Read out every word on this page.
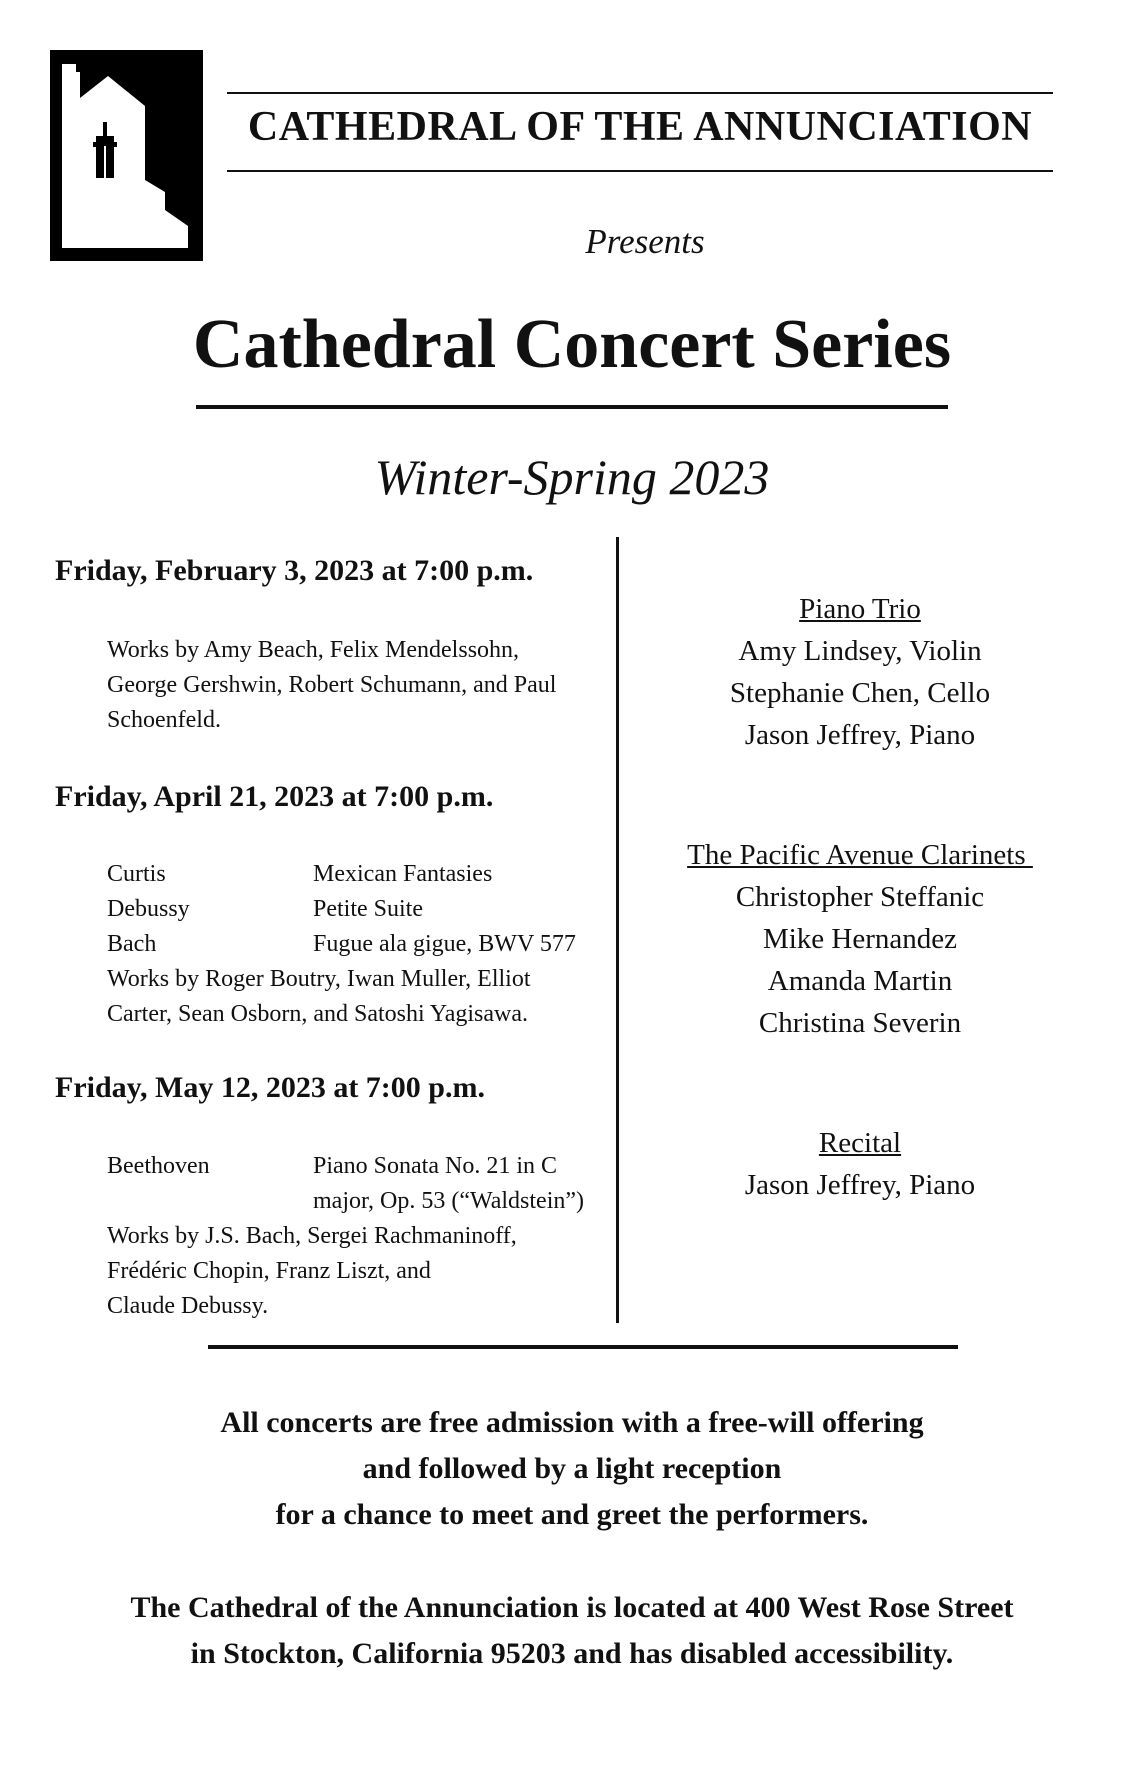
CATHEDRAL OF THE ANNUNCIATION
Presents
Cathedral Concert Series
Winter-Spring 2023
Friday, February 3, 2023 at 7:00 p.m.
Works by Amy Beach, Felix Mendelssohn,
George Gershwin, Robert Schumann, and Paul
Schoenfeld.
Friday, April 21, 2023 at 7:00 p.m.
Curtis	Mexican Fantasies
Debussy	Petite Suite
Bach	Fugue ala gigue, BWV 577
Works by Roger Boutry, Iwan Muller, Elliot
Carter, Sean Osborn, and Satoshi Yagisawa.
Friday, May 12, 2023 at 7:00 p.m.
Beethoven	Piano Sonata No. 21 in C
major, Op. 53 (“Waldstein”)
Works by J.S. Bach, Sergei Rachmaninoff,
Frédéric Chopin, Franz Liszt, and
Claude Debussy.
Piano Trio
Amy Lindsey, Violin
Stephanie Chen, Cello
Jason Jeffrey, Piano
The Pacific Avenue Clarinets
Christopher Steffanic
Mike Hernandez
Amanda Martin
Christina Severin
Recital
Jason Jeffrey, Piano
All concerts are free admission with a free-will offering
and followed by a light reception
for a chance to meet and greet the performers.
The Cathedral of the Annunciation is located at 400 West Rose Street
in Stockton, California 95203 and has disabled accessibility.
